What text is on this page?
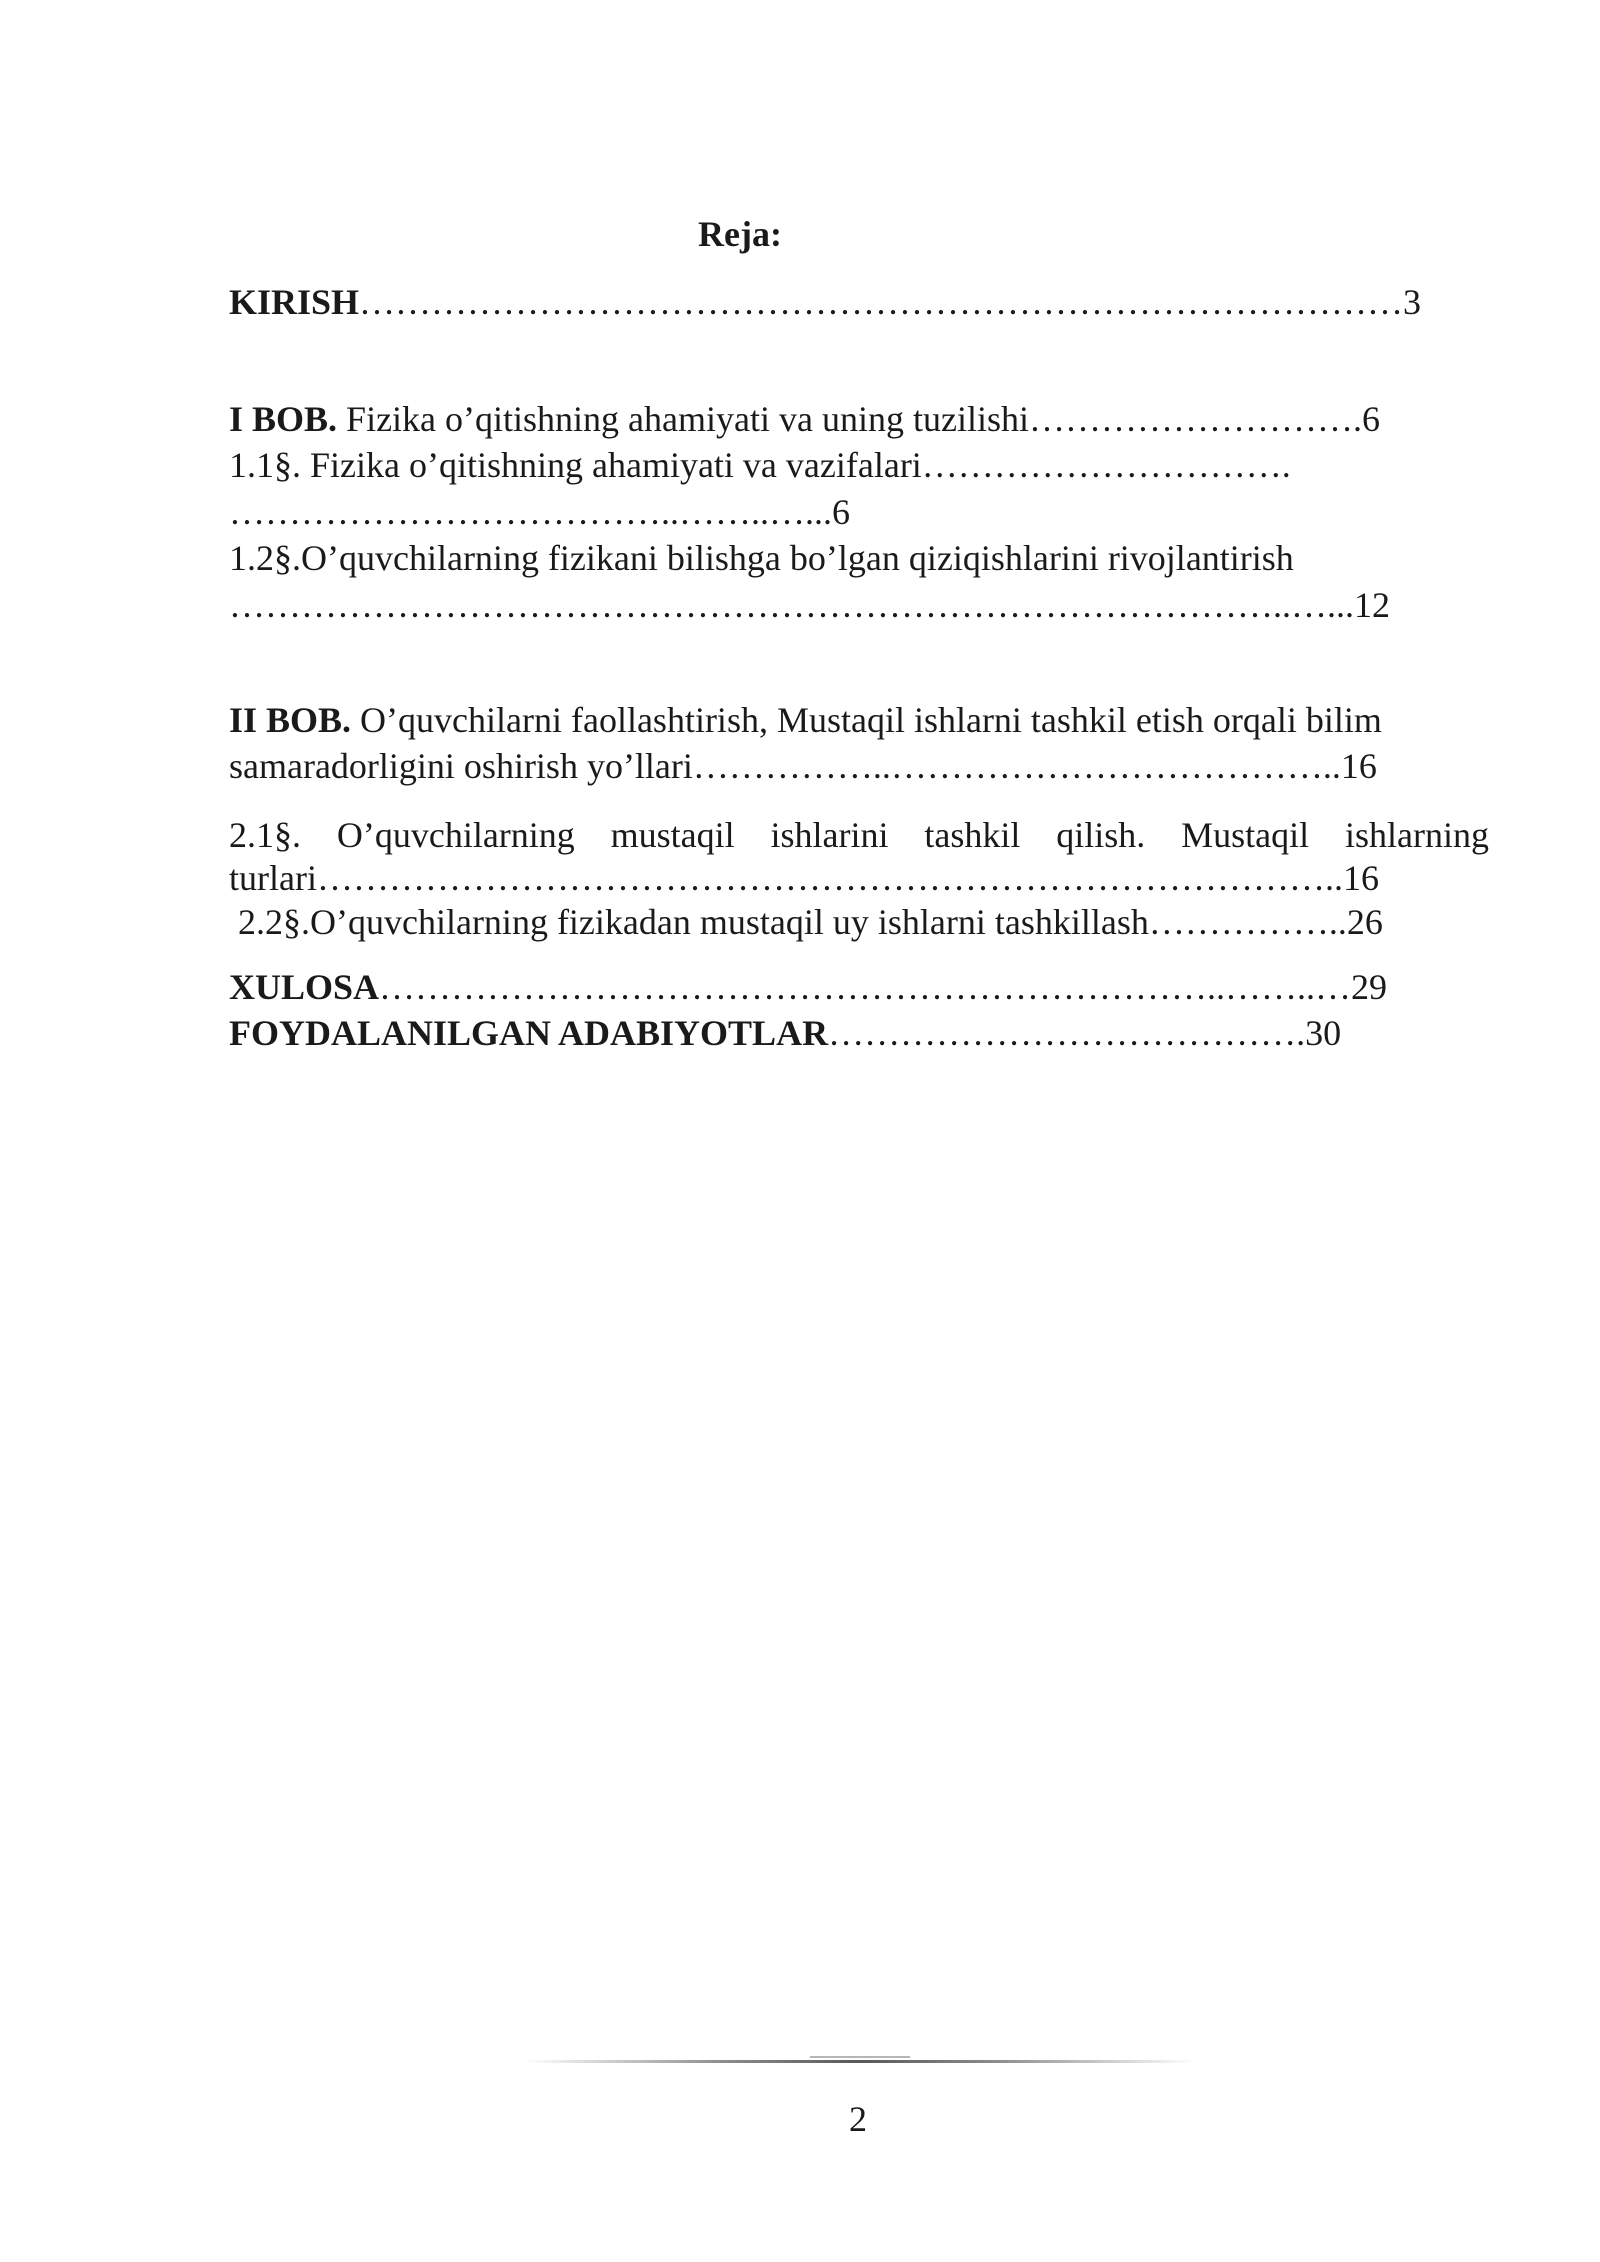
Reja:
KIRISH……………………………………………………………………………3
I BOB. Fizika o’qitishning ahamiyati va uning tuzilishi……………………….6
1.1§. Fizika o’qitishning ahamiyati va vazifalari………………………….
………………………………..……..…...6
1.2§.O’quvchilarning fizikani bilishga bo’lgan qiziqishlarini rivojlantirish
……………………………………………………………………………..…...12
II BOB. O’quvchilarni faollashtirish, Mustaqil ishlarni tashkil etish orqali bilim
samaradorligini oshirish yo’llari……………..………………………………..16
2.1§. O’quvchilarning mustaqil ishlarini tashkil qilish. Mustaqil ishlarning
turlari…………………………………………………………………………..16
2.2§.O’quvchilarning fizikadan mustaqil uy ishlarni tashkillash……………..26
XULOSA……………………………………………………………..……..…29
FOYDALANILGAN ADABIYOTLAR………………………………….30
2
